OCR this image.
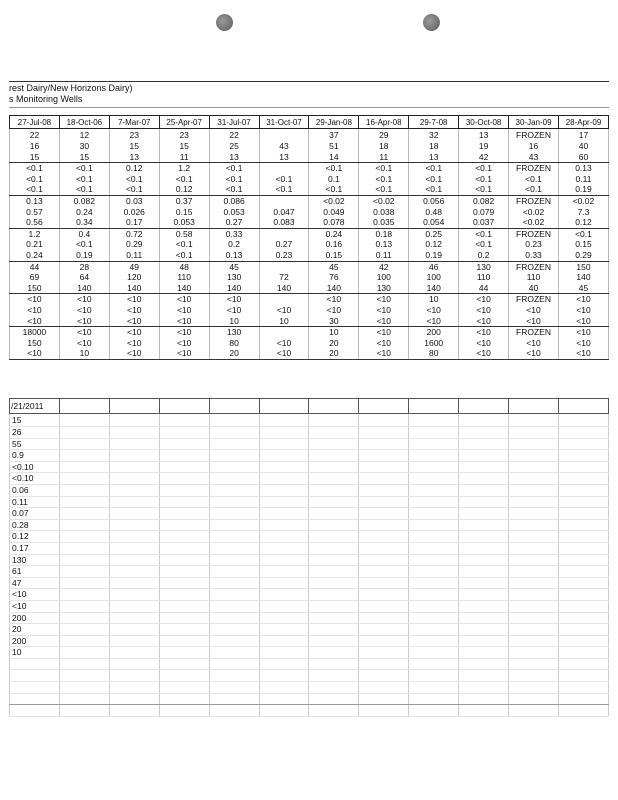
rest Dairy/New Horizons Dairy)
s Monitoring Wells
27-Jul-08	18-Oct-06	7-Mar-07	25-Apr-07	31-Jul-07	31-Oct-07	29-Jan-08	16-Apr-08	29-7-08	30-Oct-08	30-Jan-09	28-Apr-09
22	12	23	23	22		37	29	32	13	FROZEN	17
16	30	15	15	25	43	51	18	18	19	16	40
15	15	13	11	13	13	14	11	13	42	43	60
<0.1	<0.1	0.12	1.2	<0.1		<0.1	<0.1	<0.1	<0.1	FROZEN	0.13
<0.1	<0.1	<0.1	<0.1	<0.1	<0.1	0.1	<0.1	<0.1	<0.1	<0.1	0.11
<0.1	<0.1	<0.1	0.12	<0.1	<0.1	<0.1	<0.1	<0.1	<0.1	<0.1	0.19
0.13	0.082	0.03	0.37	0.086		<0.02	<0.02	0.056	0.082	FROZEN	<0.02
0.57	0.24	0.026	0.15	0.053	0.047	0.049	0.038	0.48	0.079	<0.02	7.3
0.56	0.34	0.17	0.053	0.27	0.083	0.078	0.035	0.054	0.037	<0.02	0.12
1.2	0.4	0.72	0.58	0.33		0.24	0.18	0.25	<0.1	FROZEN	<0.1
0.21	<0.1	0.29	<0.1	0.2	0.27	0.16	0.13	0.12	<0.1	0.23	0.15
0.24	0.19	0.11	<0.1	0.13	0.23	0.15	0.11	0.19	0.2	0.33	0.29
44	28	49	48	45		45	42	46	130	FROZEN	150
69	64	120	110	130	72	76	100	100	110	110	140
150	140	140	140	140	140	140	130	140	44	40	45
<10	<10	<10	<10	<10		<10	<10	10	<10	FROZEN	<10
<10	<10	<10	<10	<10	<10	<10	<10	<10	<10	<10	<10
<10	<10	<10	<10	10	10	30	<10	<10	<10	<10	<10
18000	<10	<10	<10	130		10	<10	200	<10	FROZEN	<10
150	<10	<10	<10	80	<10	20	<10	1600	<10	<10	<10
<10	10	<10	<10	20	<10	20	<10	80	<10	<10	<10
/21/2011											
15											
26											
55											
0.9											
<0.10											
<0.10											
0.06											
0.11											
0.07											
0.28											
0.12											
0.17											
130											
61											
47											
<10											
<10											
200											
20											
200											
10											
